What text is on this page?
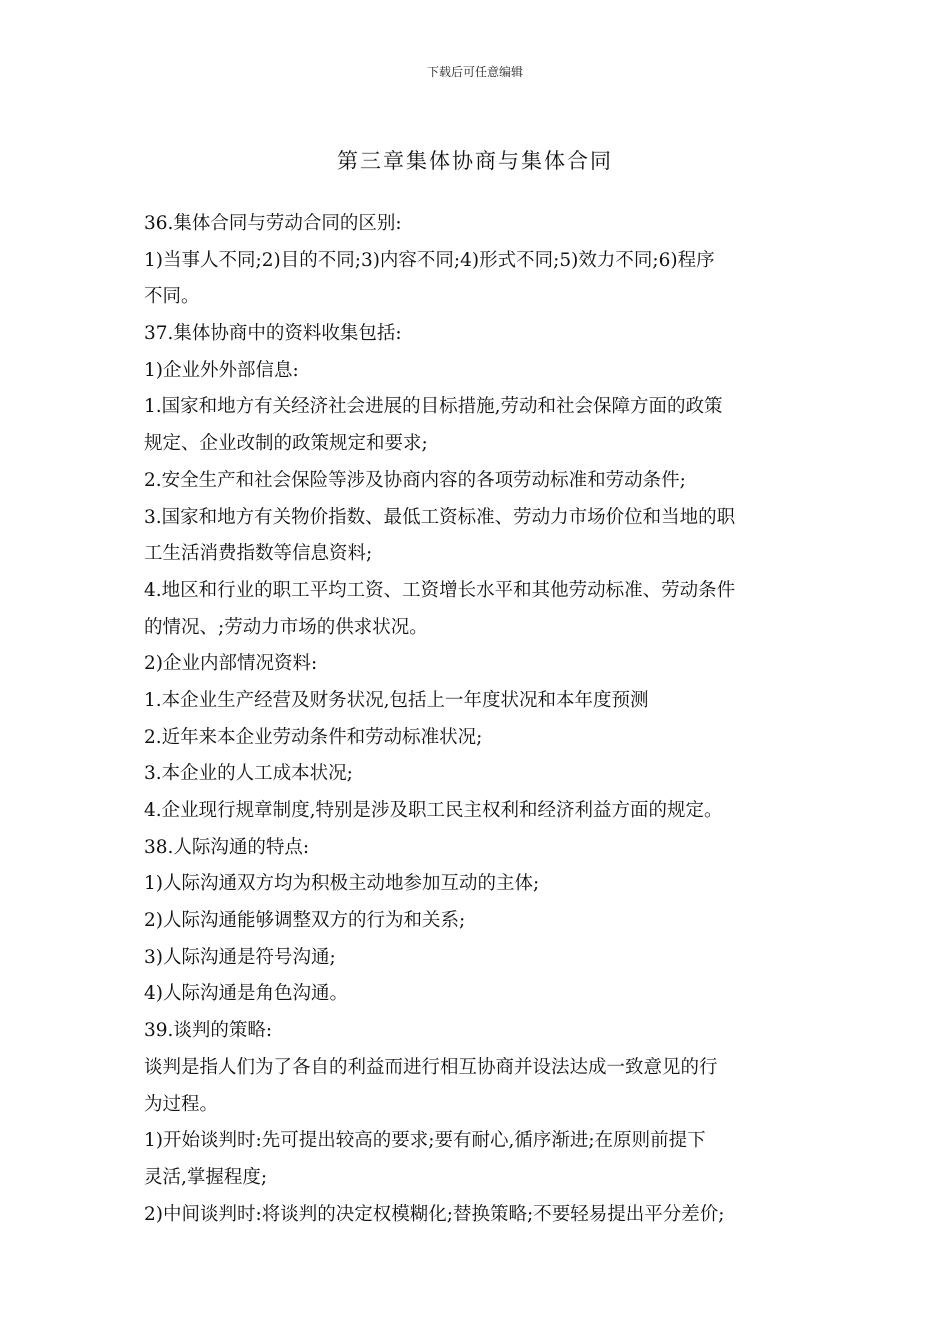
下载后可任意编辑
第三章集体协商与集体合同
36.集体合同与劳动合同的区别:
1)当事人不同;2)目的不同;3)内容不同;4)形式不同;5)效力不同;6)程序
不同。
37.集体协商中的资料收集包括:
1)企业外外部信息:
1.国家和地方有关经济社会进展的目标措施,劳动和社会保障方面的政策
规定、企业改制的政策规定和要求;
2.安全生产和社会保险等涉及协商内容的各项劳动标准和劳动条件;
3.国家和地方有关物价指数、最低工资标准、劳动力市场价位和当地的职
工生活消费指数等信息资料;
4.地区和行业的职工平均工资、工资增长水平和其他劳动标准、劳动条件
的情况、;劳动力市场的供求状况。
2)企业内部情况资料:
1.本企业生产经营及财务状况,包括上一年度状况和本年度预测
2.近年来本企业劳动条件和劳动标准状况;
3.本企业的人工成本状况;
4.企业现行规章制度,特别是涉及职工民主权利和经济利益方面的规定。
38.人际沟通的特点:
1)人际沟通双方均为积极主动地参加互动的主体;
2)人际沟通能够调整双方的行为和关系;
3)人际沟通是符号沟通;
4)人际沟通是角色沟通。
39.谈判的策略:
谈判是指人们为了各自的利益而进行相互协商并设法达成一致意见的行
为过程。
1)开始谈判时:先可提出较高的要求;要有耐心,循序渐进;在原则前提下
灵活,掌握程度;
2)中间谈判时:将谈判的决定权模糊化;替换策略;不要轻易提出平分差价;
